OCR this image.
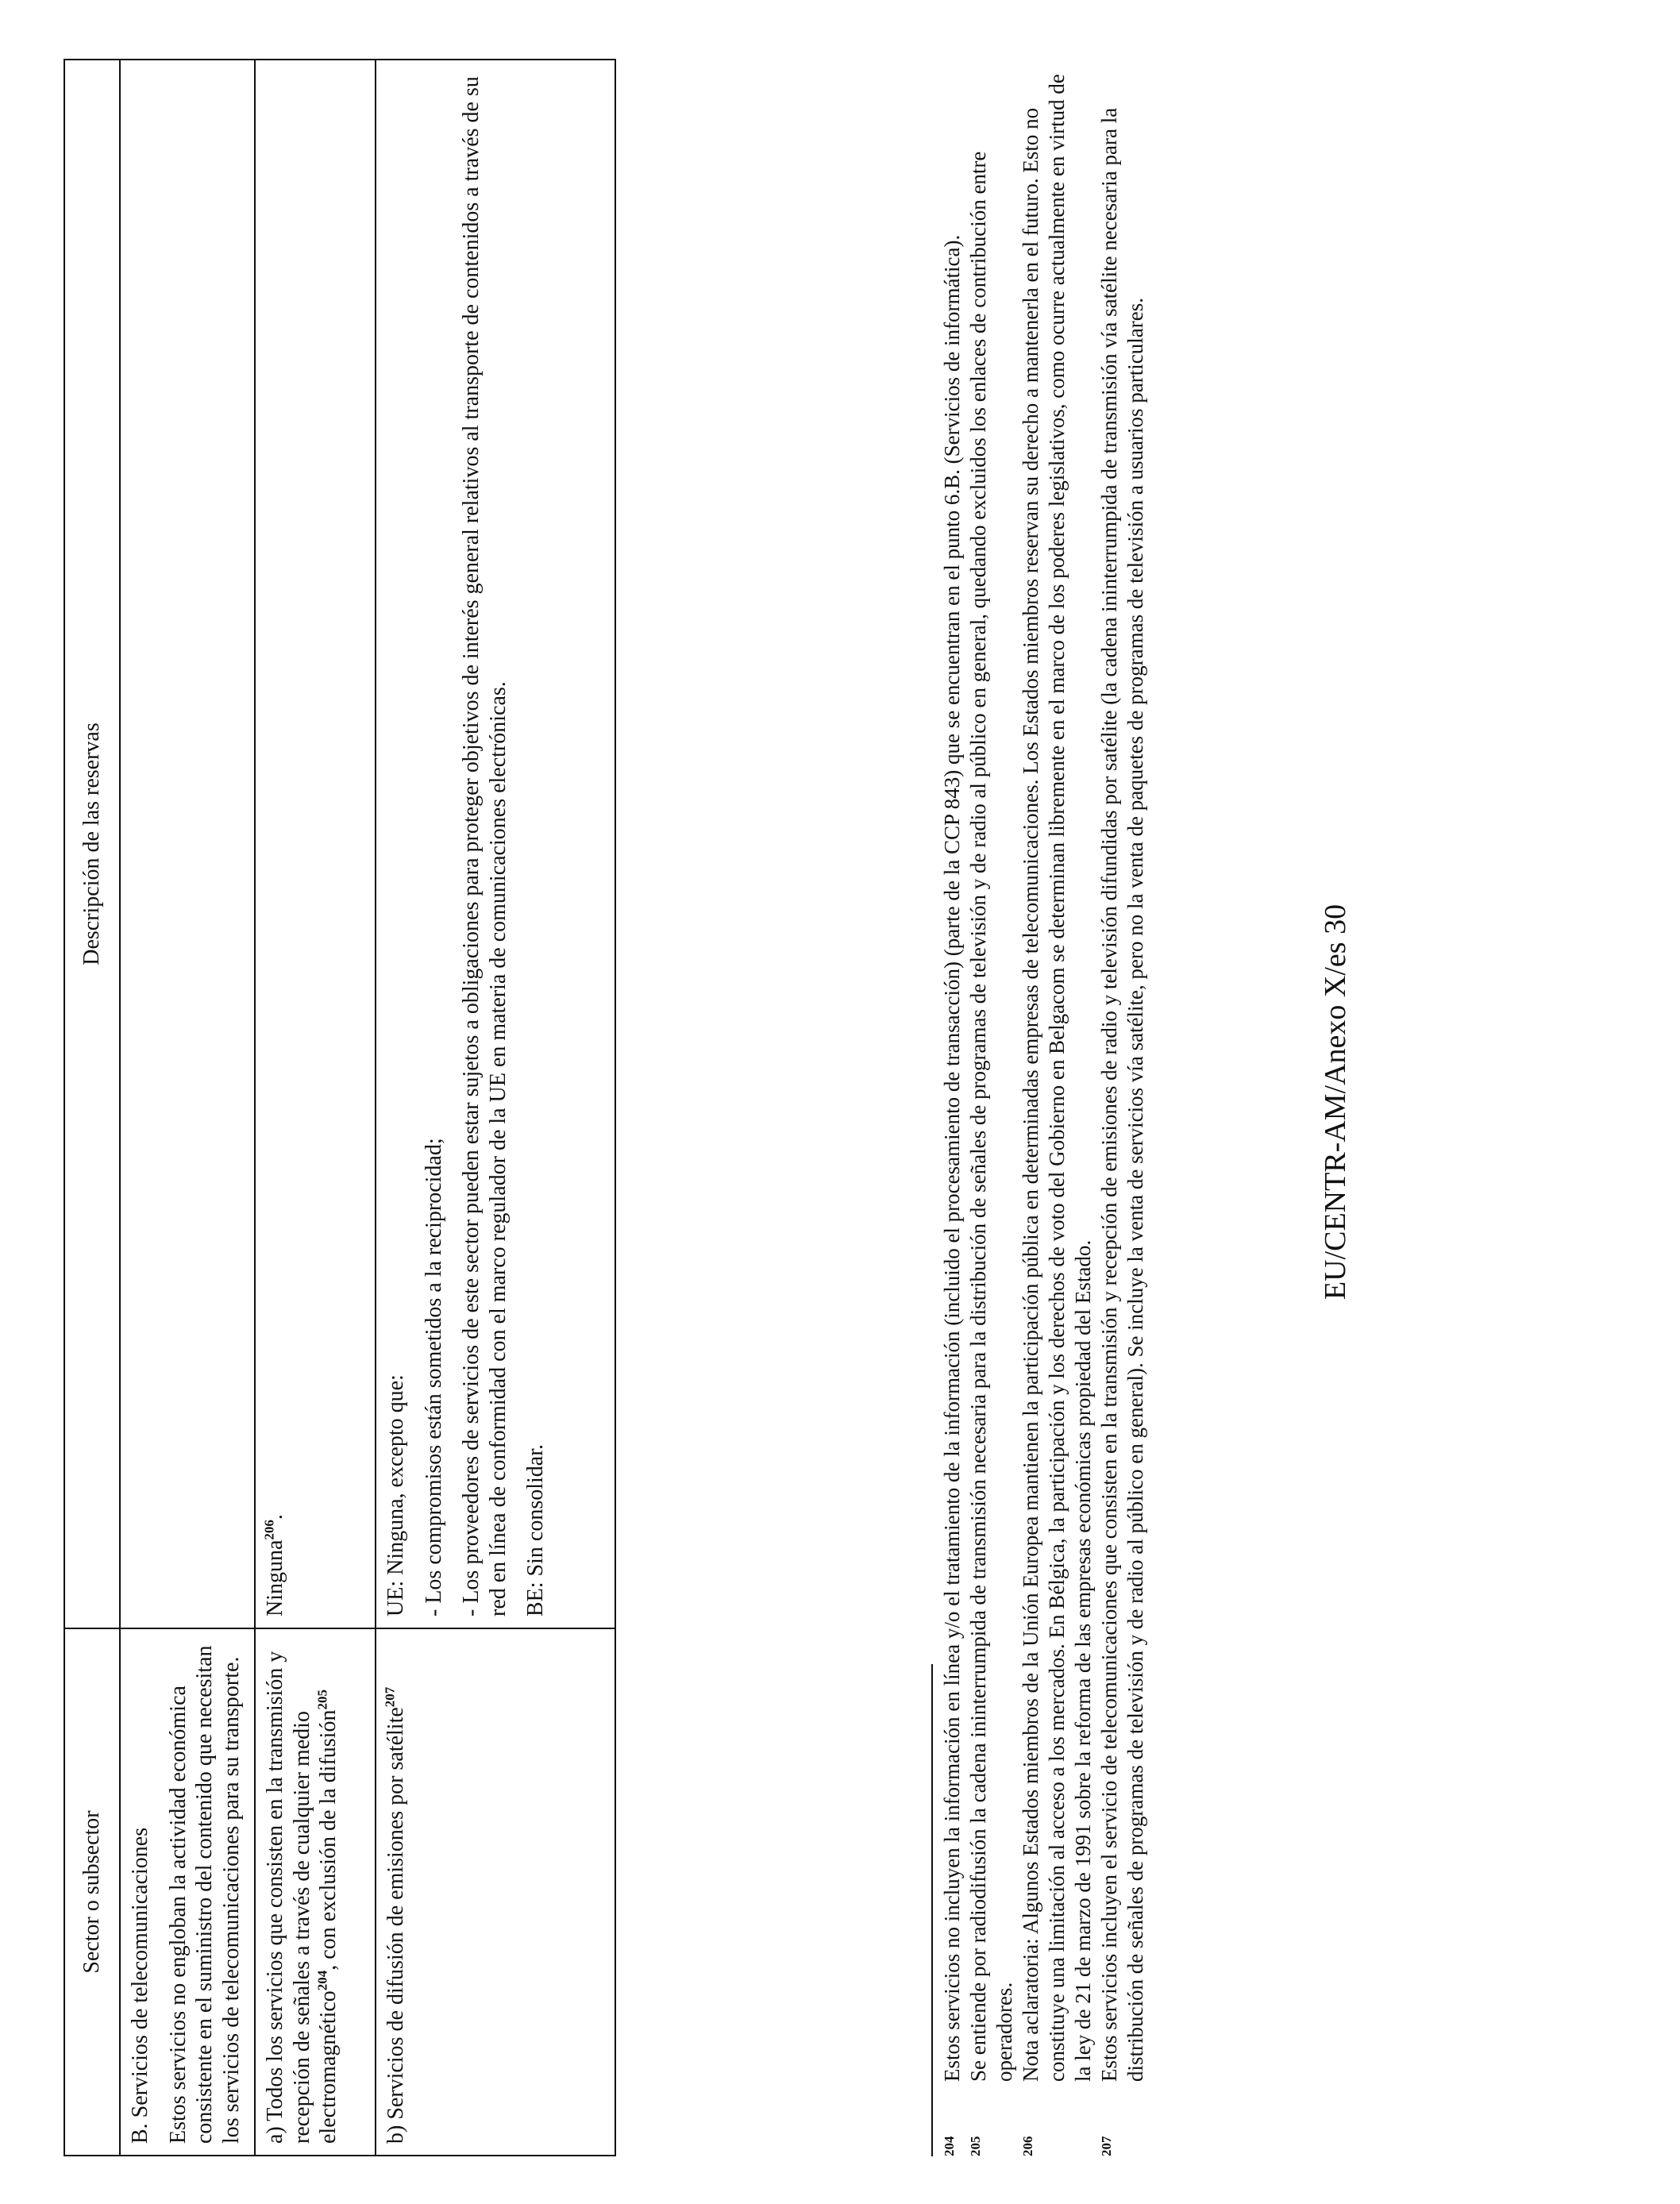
Sector o subsector	Descripción de las reservas

B. Servicios de telecomunicaciones Estos servicios no engloban la actividad económica consistente en el suministro del contenido que necesitan los servicios de telecomunicaciones para su transporte.	

a) Todos los servicios que consisten en la transmisión y recepción de señales a través de cualquier medio electromagnético$^{204}$, con exclusión de la difusión$^{205}$	Ninguna$^{206}$.
b) Servicios de difusión de emisiones por satélite$^{207}$	UE: Ninguna, excepto que: - Los compromisos están sometidos a la reciprocidad; - Los proveedores de servicios de este sector pueden estar sujetos a obligaciones para proteger objetivos de interés general relativos al transporte de contenidos a través de su red en línea de conformidad con el marco regulador de la UE en materia de comunicaciones electrónicas. BE: Sin consolidar.

204
Estos servicios no incluyen la información en línea y/o el tratamiento de la información (incluido el procesamiento de transacción) (parte de la CCP 843) que se encuentran en el punto 6.B. (Servicios de informática).
205
Se entiende por radiodifusión la cadena ininterrumpida de transmisión necesaria para la distribución de señales de programas de televisión y de radio al público en general, quedando excluidos los enlaces de contribución entre operadores.
206
Nota aclaratoria: Algunos Estados miembros de la Unión Europea mantienen la participación pública en determinadas empresas de telecomunicaciones. Los Estados miembros reservan su derecho a mantenerla en el futuro. Esto no constituye una limitación al acceso a los mercados. En Bélgica, la participación y los derechos de voto del Gobierno en Belgacom se determinan libremente en el marco de los poderes legislativos, como ocurre actualmente en virtud de la ley de 21 de marzo de 1991 sobre la reforma de las empresas económicas propiedad del Estado.
207
Estos servicios incluyen el servicio de telecomunicaciones que consisten en la transmisión y recepción de emisiones de radio y televisión difundidas por satélite (la cadena ininterrumpida de transmisión vía satélite necesaria para la distribución de señales de programas de televisión y de radio al público en general). Se incluye la venta de servicios vía satélite, pero no la venta de paquetes de programas de televisión a usuarios particulares.	EU/CENTR-AM/Anexo X/es 30
